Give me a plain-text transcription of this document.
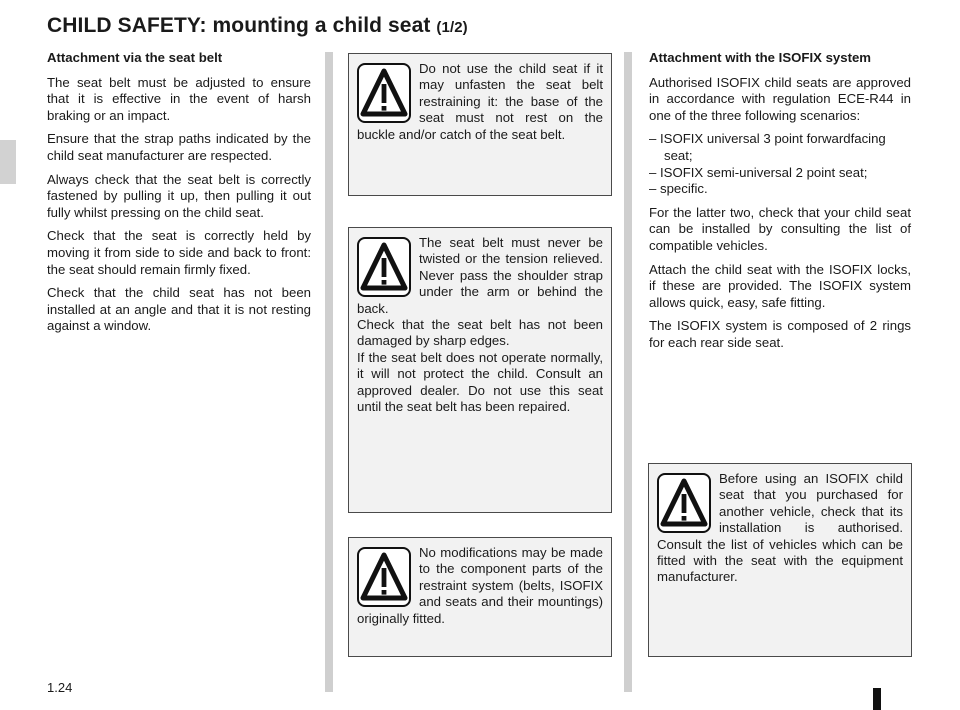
CHILD SAFETY: mounting a child seat (1/2)

Attachment via the seat belt

The seat belt must be adjusted to ensure that it is effective in the event of harsh braking or an impact.

Ensure that the strap paths indicated by the child seat manufacturer are respected.

Always check that the seat belt is correctly fastened by pulling it up, then pulling it out fully whilst pressing on the child seat.

Check that the seat is correctly held by moving it from side to side and back to front: the seat should remain firmly fixed.

Check that the child seat has not been installed at an angle and that it is not resting against a window.

Do not use the child seat if it may unfasten the seat belt restraining it: the base of the seat must not rest on the buckle and/or catch of the seat belt.
The seat belt must never be twisted or the tension relieved. Never pass the shoulder strap under the arm or behind the back.
Check that the seat belt has not been damaged by sharp edges.
If the seat belt does not operate normally, it will not protect the child. Consult an approved dealer. Do not use this seat until the seat belt has been repaired.
No modifications may be made to the component parts of the restraint system (belts, ISOFIX and seats and their mountings) originally fitted.

Attachment with the ISOFIX system

Authorised ISOFIX child seats are approved in accordance with regulation ECE-R44 in one of the three following scenarios:

– ISOFIX universal 3 point forwardfacing seat;
– ISOFIX semi-universal 2 point seat;
– specific.

For the latter two, check that your child seat can be installed by consulting the list of compatible vehicles.

Attach the child seat with the ISOFIX locks, if these are provided. The ISOFIX system allows quick, easy, safe fitting.

The ISOFIX system is composed of 2 rings for each rear side seat.

Before using an ISOFIX child seat that you purchased for another vehicle, check that its installation is authorised. Consult the list of vehicles which can be fitted with the seat with the equipment manufacturer.
1.24
